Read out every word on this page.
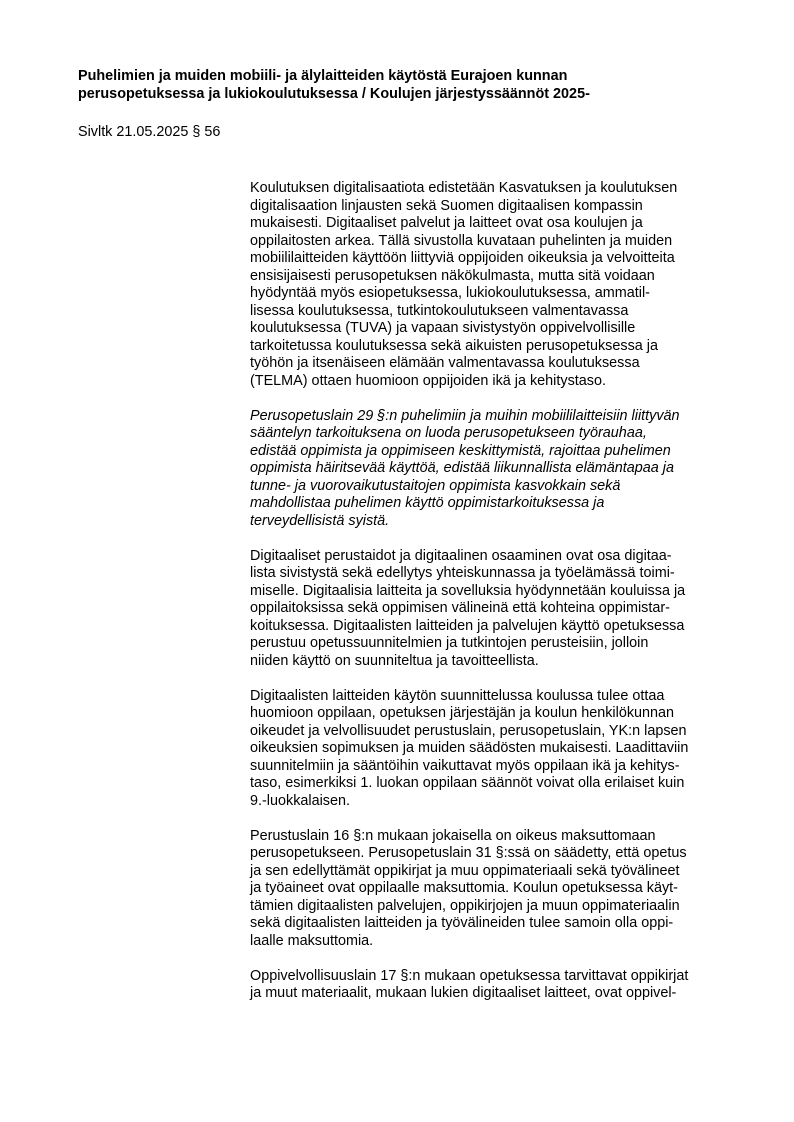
Puhelimien ja muiden mobiili- ja älylaitteiden käytöstä Eurajoen kunnan
perusopetuksessa ja lukiokoulutuksessa / Koulujen järjestyssäännöt 2025-
Sivltk 21.05.2025 § 56

Koulutuksen digitalisaatiota edistetään Kasvatuksen ja koulutuksen
digitalisaation linjausten sekä Suomen digitaalisen kompassin
mukaisesti. Digitaaliset palvelut ja laitteet ovat osa koulujen ja
oppilaitosten arkea. Tällä sivustolla kuvataan puhelinten ja muiden
mobiililaitteiden käyttöön liittyviä oppijoiden oikeuksia ja velvoitteita
ensisijaisesti perusopetuksen näkökulmasta, mutta sitä voidaan
hyödyntää myös esiopetuksessa, lukiokoulutuksessa, ammatil-
lisessa koulutuksessa, tutkintokoulutukseen valmentavassa
koulutuksessa (TUVA) ja vapaan sivistystyön oppivelvollisille
tarkoitetussa koulutuksessa sekä aikuisten perusopetuksessa ja
työhön ja itsenäiseen elämään valmentavassa koulutuksessa
(TELMA) ottaen huomioon oppijoiden ikä ja kehitystaso.

Perusopetuslain 29 §:n puhelimiin ja muihin mobiililaitteisiin liittyvän
sääntelyn tarkoituksena on luoda perusopetukseen työrauhaa,
edistää oppimista ja oppimiseen keskittymistä, rajoittaa puhelimen
oppimista häiritsevää käyttöä, edistää liikunnallista elämäntapaa ja
tunne- ja vuorovaikutustaitojen oppimista kasvokkain sekä
mahdollistaa puhelimen käyttö oppimistarkoituksessa ja
terveydellisistä syistä.

Digitaaliset perustaidot ja digitaalinen osaaminen ovat osa digitaa-
lista sivistystä sekä edellytys yhteiskunnassa ja työelämässä toimi-
miselle. Digitaalisia laitteita ja sovelluksia hyödynnetään kouluissa ja
oppilaitoksissa sekä oppimisen välineinä että kohteina oppimistar-
koituksessa. Digitaalisten laitteiden ja palvelujen käyttö opetuksessa
perustuu opetussuunnitelmien ja tutkintojen perusteisiin, jolloin
niiden käyttö on suunniteltua ja tavoitteellista.

Digitaalisten laitteiden käytön suunnittelussa koulussa tulee ottaa
huomioon oppilaan, opetuksen järjestäjän ja koulun henkilökunnan
oikeudet ja velvollisuudet perustuslain, perusopetuslain, YK:n lapsen
oikeuksien sopimuksen ja muiden säädösten mukaisesti. Laadittaviin
suunnitelmiin ja sääntöihin vaikuttavat myös oppilaan ikä ja kehitys-
taso, esimerkiksi 1. luokan oppilaan säännöt voivat olla erilaiset kuin
9.-luokkalaisen.

Perustuslain 16 §:n mukaan jokaisella on oikeus maksuttomaan
perusopetukseen. Perusopetuslain 31 §:ssä on säädetty, että opetus
ja sen edellyttämät oppikirjat ja muu oppimateriaali sekä työvälineet
ja työaineet ovat oppilaalle maksuttomia. Koulun opetuksessa käyt-
tämien digitaalisten palvelujen, oppikirjojen ja muun oppimateriaalin
sekä digitaalisten laitteiden ja työvälineiden tulee samoin olla oppi-
laalle maksuttomia.

Oppivelvollisuuslain 17 §:n mukaan opetuksessa tarvittavat oppikirjat
ja muut materiaalit, mukaan lukien digitaaliset laitteet, ovat oppivel-
